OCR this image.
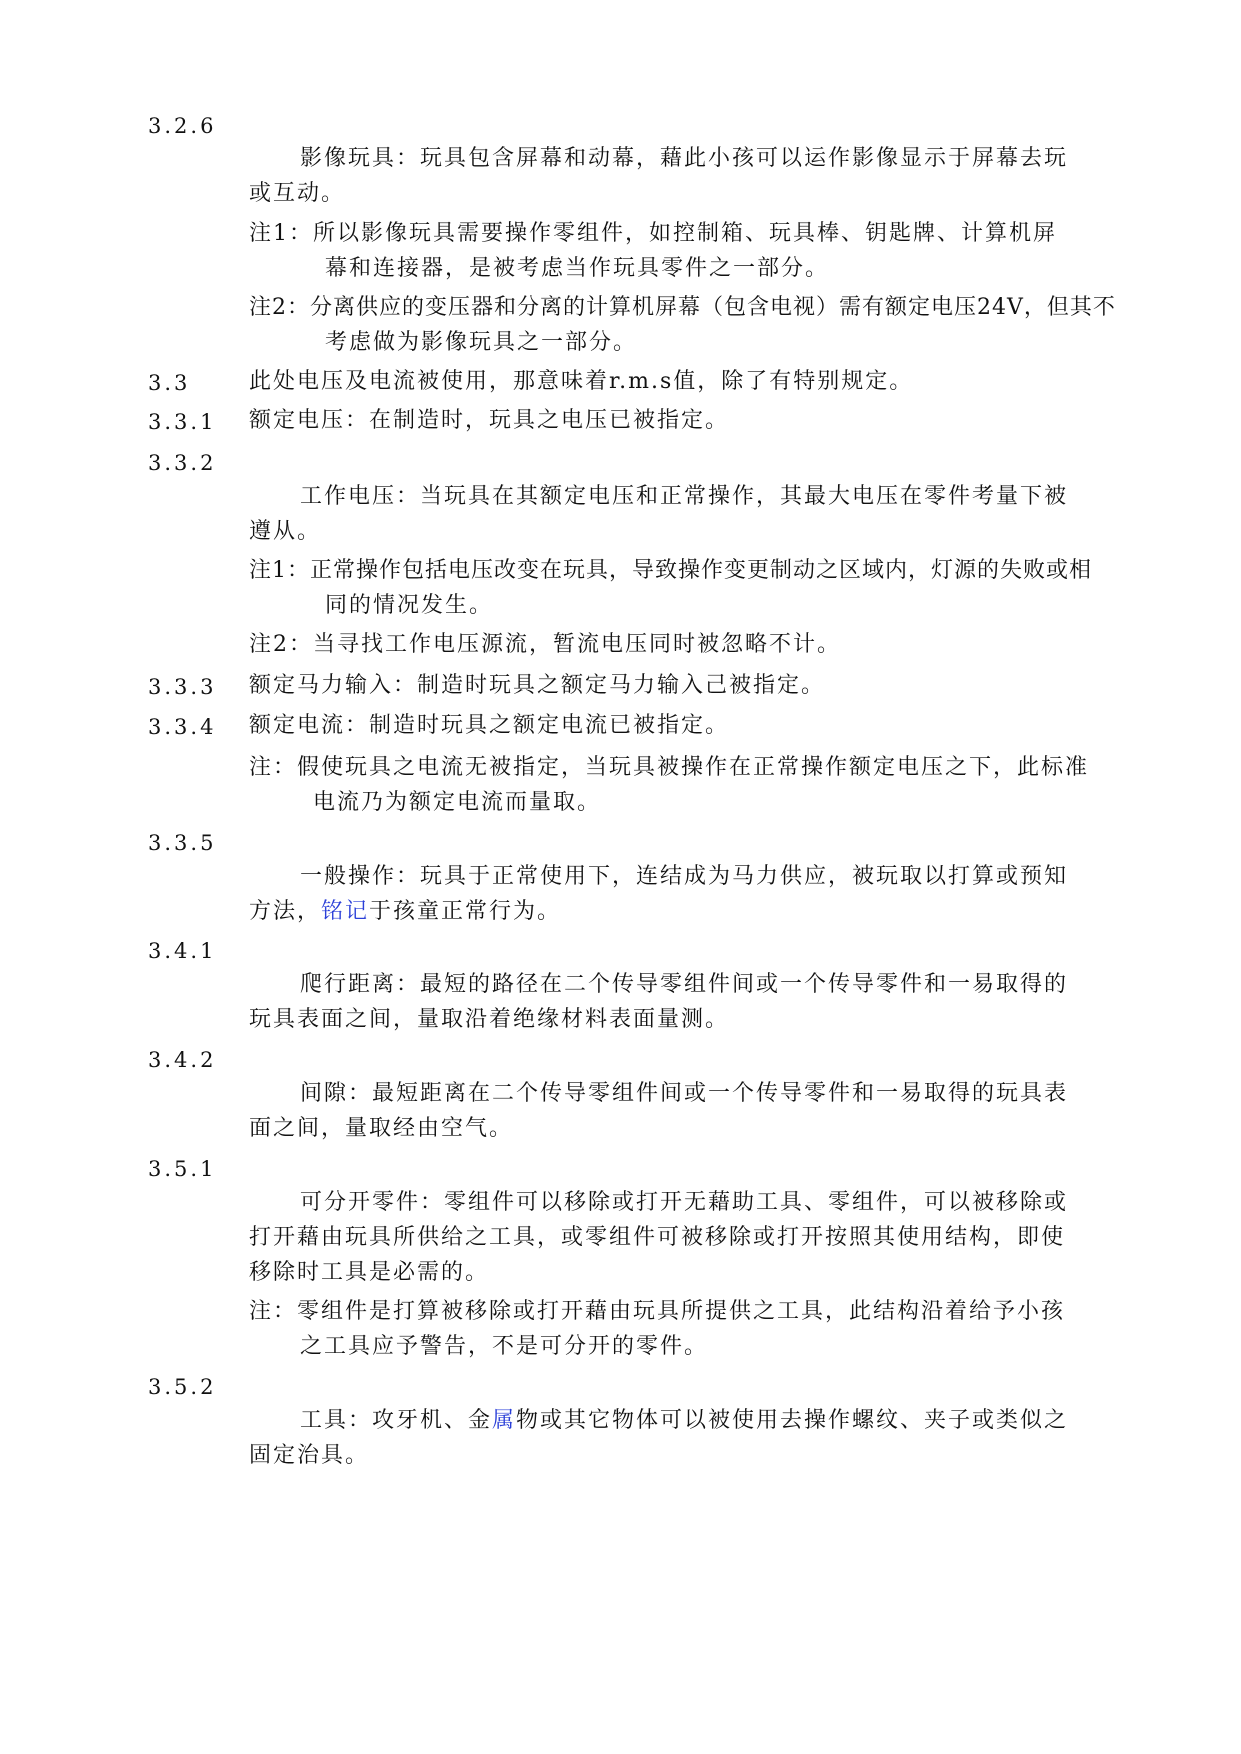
3.2.6
影像玩具：玩具包含屏幕和动幕，藉此小孩可以运作影像显示于屏幕去玩
或互动。
注1：所以影像玩具需要操作零组件，如控制箱、玩具棒、钥匙牌、计算机屏
幕和连接器，是被考虑当作玩具零件之一部分。
注2：分离供应的变压器和分离的计算机屏幕（包含电视）需有额定电压24V，但其不
考虑做为影像玩具之一部分。
3.3	此处电压及电流被使用，那意味着r.m.s值，除了有特别规定。
3.3.1 额定电压：在制造时，玩具之电压已被指定。
3.3.2
工作电压：当玩具在其额定电压和正常操作，其最大电压在零件考量下被
遵从。
注1：正常操作包括电压改变在玩具，导致操作变更制动之区域内，灯源的失败或相
同的情况发生。
注2：当寻找工作电压源流，暂流电压同时被忽略不计。
3.3.3 额定马力输入：制造时玩具之额定马力输入己被指定。
3.3.4 额定电流：制造时玩具之额定电流已被指定。
注：假使玩具之电流无被指定，当玩具被操作在正常操作额定电压之下，此标准
电流乃为额定电流而量取。
3.3.5
一般操作：玩具于正常使用下，连结成为马力供应，被玩取以打算或预知
方法，铭记于孩童正常行为。
3.4.1
爬行距离：最短的路径在二个传导零组件间或一个传导零件和一易取得的
玩具表面之间，量取沿着绝缘材料表面量测。
3.4.2
间隙：最短距离在二个传导零组件间或一个传导零件和一易取得的玩具表
面之间，量取经由空气。
3.5.1
可分开零件：零组件可以移除或打开无藉助工具、零组件，可以被移除或
打开藉由玩具所供给之工具，或零组件可被移除或打开按照其使用结构，即使
移除时工具是必需的。
注：零组件是打算被移除或打开藉由玩具所提供之工具，此结构沿着给予小孩
之工具应予警告，不是可分开的零件。
3.5.2
工具：攻牙机、金属物或其它物体可以被使用去操作螺纹、夹子或类似之
固定治具。
